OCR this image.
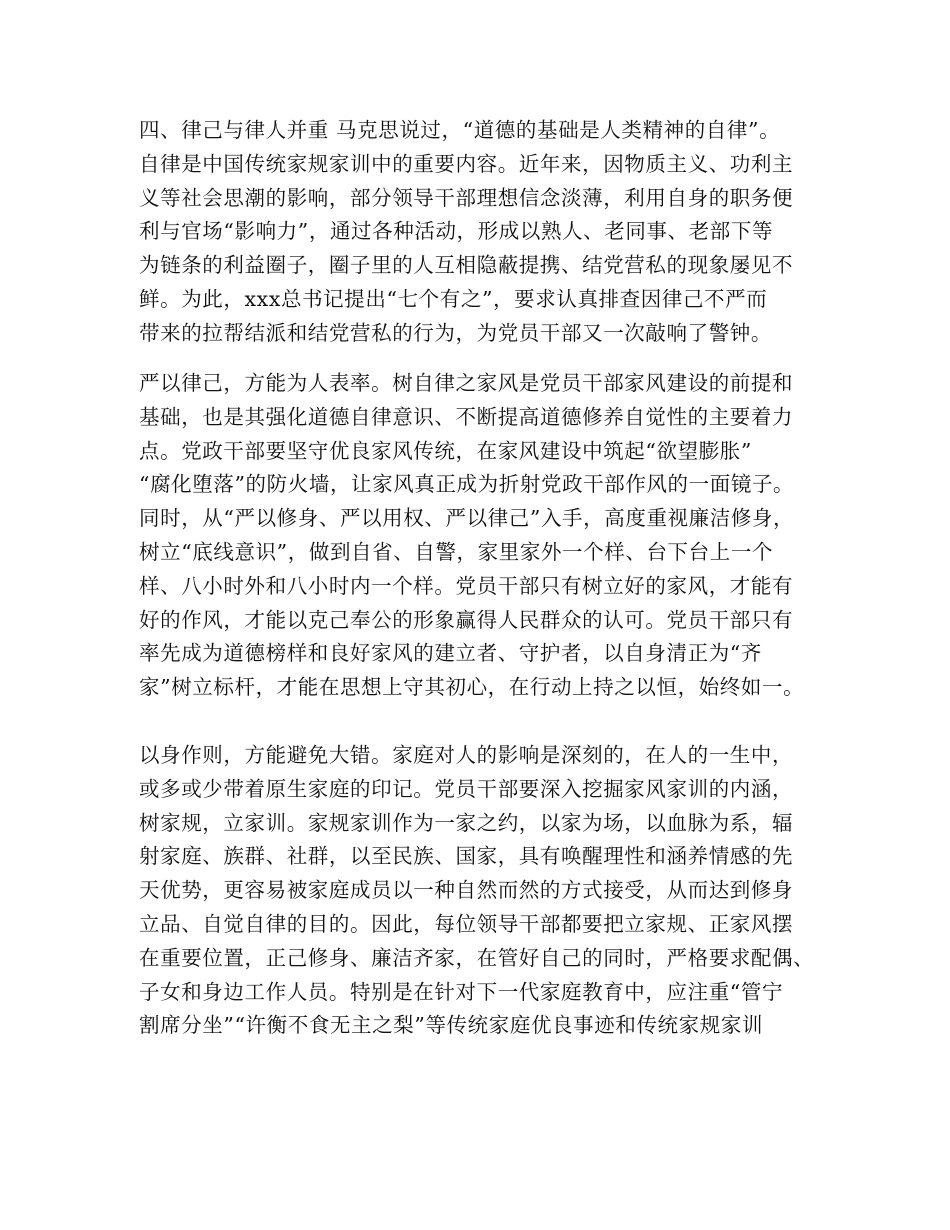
四、律己与律人并重 马克思说过，“道德的基础是人类精神的自律”。
自律是中国传统家规家训中的重要内容。近年来，因物质主义、功利主
义等社会思潮的影响，部分领导干部理想信念淡薄，利用自身的职务便
利与官场“影响力”，通过各种活动，形成以熟人、老同事、老部下等
为链条的利益圈子，圈子里的人互相隐蔽提携、结党营私的现象屡见不
鲜。为此，xxx总书记提出“七个有之”，要求认真排查因律己不严而
带来的拉帮结派和结党营私的行为，为党员干部又一次敲响了警钟。
严以律己，方能为人表率。树自律之家风是党员干部家风建设的前提和
基础，也是其强化道德自律意识、不断提高道德修养自觉性的主要着力
点。党政干部要坚守优良家风传统，在家风建设中筑起“欲望膨胀”
“腐化堕落”的防火墙，让家风真正成为折射党政干部作风的一面镜子。
同时，从“严以修身、严以用权、严以律己”入手，高度重视廉洁修身，
树立“底线意识”，做到自省、自警，家里家外一个样、台下台上一个
样、八小时外和八小时内一个样。党员干部只有树立好的家风，才能有
好的作风，才能以克己奉公的形象赢得人民群众的认可。党员干部只有
率先成为道德榜样和良好家风的建立者、守护者，以自身清正为“齐
家”树立标杆，才能在思想上守其初心，在行动上持之以恒，始终如一。
以身作则，方能避免大错。家庭对人的影响是深刻的，在人的一生中，
或多或少带着原生家庭的印记。党员干部要深入挖掘家风家训的内涵，
树家规，立家训。家规家训作为一家之约，以家为场，以血脉为系，辐
射家庭、族群、社群，以至民族、国家，具有唤醒理性和涵养情感的先
天优势，更容易被家庭成员以一种自然而然的方式接受，从而达到修身
立品、自觉自律的目的。因此，每位领导干部都要把立家规、正家风摆
在重要位置，正己修身、廉洁齐家，在管好自己的同时，严格要求配偶、
子女和身边工作人员。特别是在针对下一代家庭教育中，应注重“管宁
割席分坐”“许衡不食无主之梨”等传统家庭优良事迹和传统家规家训
